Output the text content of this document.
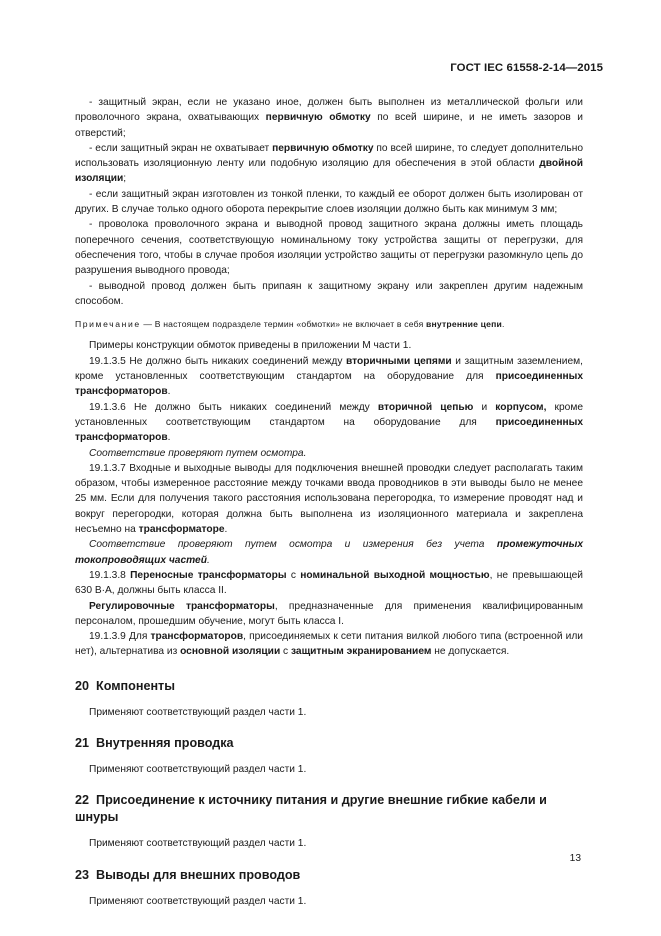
ГОСТ IEC 61558-2-14—2015

- защитный экран, если не указано иное, должен быть выполнен из металлической фольги или проволочного экрана, охватывающих первичную обмотку по всей ширине, и не иметь зазоров и отверстий;

- если защитный экран не охватывает первичную обмотку по всей ширине, то следует дополнительно использовать изоляционную ленту или подобную изоляцию для обеспечения в этой области двойной изоляции;

- если защитный экран изготовлен из тонкой пленки, то каждый ее оборот должен быть изолирован от других. В случае только одного оборота перекрытие слоев изоляции должно быть как минимум 3 мм;

- проволока проволочного экрана и выводной провод защитного экрана должны иметь площадь поперечного сечения, соответствующую номинальному току устройства защиты от перегрузки, для обеспечения того, чтобы в случае пробоя изоляции устройство защиты от перегрузки разомкнуло цепь до разрушения выводного провода;

- выводной провод должен быть припаян к защитному экрану или закреплен другим надежным способом.

Примечание — В настоящем подразделе термин «обмотки» не включает в себя внутренние цепи.

Примеры конструкции обмоток приведены в приложении М части 1.

19.1.3.5 Не должно быть никаких соединений между вторичными цепями и защитным заземлением, кроме установленных соответствующим стандартом на оборудование для присоединенных трансформаторов.

19.1.3.6 Не должно быть никаких соединений между вторичной цепью и корпусом, кроме установленных соответствующим стандартом на оборудование для присоединенных трансформаторов.

Соответствие проверяют путем осмотра.

19.1.3.7 Входные и выходные выводы для подключения внешней проводки следует располагать таким образом, чтобы измеренное расстояние между точками ввода проводников в эти выводы было не менее 25 мм. Если для получения такого расстояния использована перегородка, то измерение проводят над и вокруг перегородки, которая должна быть выполнена из изоляционного материала и закреплена несъемно на трансформаторе.

Соответствие проверяют путем осмотра и измерения без учета промежуточных токопроводящих частей.

19.1.3.8 Переносные трансформаторы с номинальной выходной мощностью, не превышающей 630 В·А, должны быть класса II.

Регулировочные трансформаторы, предназначенные для применения квалифицированным персоналом, прошедшим обучение, могут быть класса I.

19.1.3.9 Для трансформаторов, присоединяемых к сети питания вилкой любого типа (встроенной или нет), альтернатива из основной изоляции с защитным экранированием не допускается.

20 Компоненты

Применяют соответствующий раздел части 1.

21 Внутренняя проводка

Применяют соответствующий раздел части 1.

22 Присоединение к источнику питания и другие внешние гибкие кабели и шнуры

Применяют соответствующий раздел части 1.

23 Выводы для внешних проводов

Применяют соответствующий раздел части 1.

13
